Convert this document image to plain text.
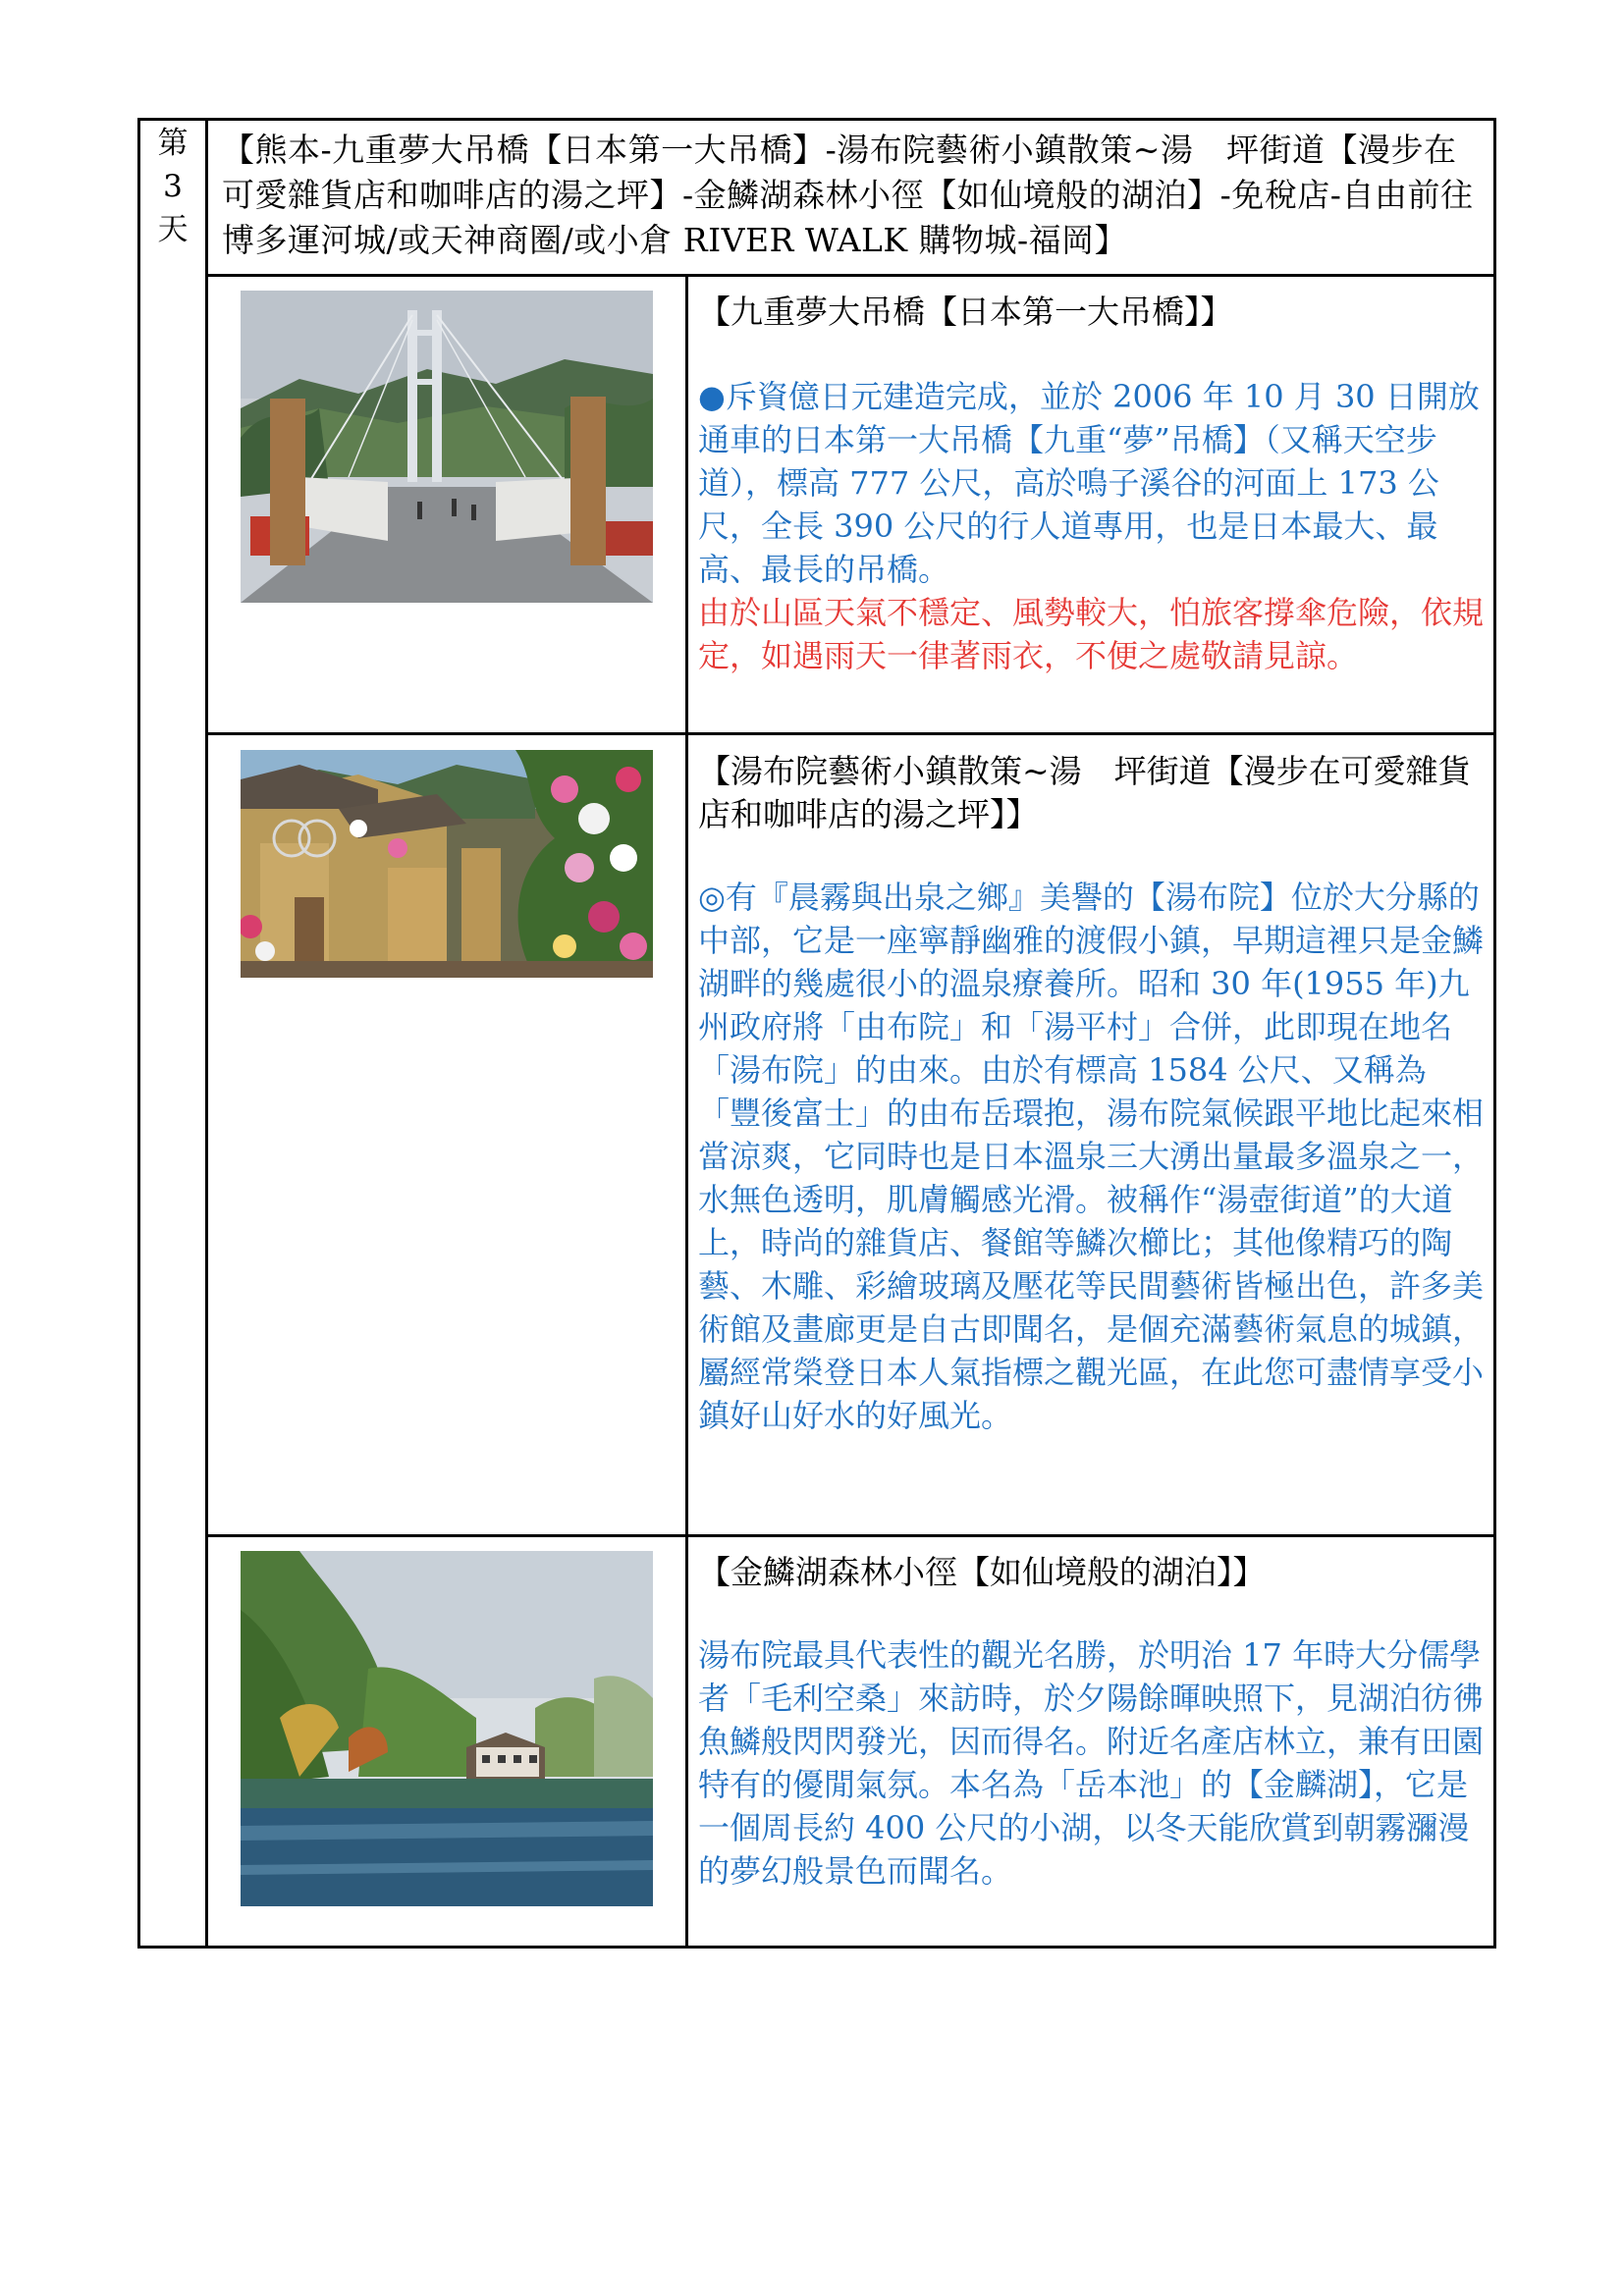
第
3
天
【熊本-九重夢大吊橋【日本第一大吊橋】-湯布院藝術小鎮散策~湯　坪街道【漫步在可愛雜貨店和咖啡店的湯之坪】-金鱗湖森林小徑【如仙境般的湖泊】-免稅店-自由前往博多運河城/或天神商圈/或小倉 RIVER WALK 購物城-福岡】
【九重夢大吊橋【日本第一大吊橋】】
●斥資億日元建造完成，並於 2006 年 10 月 30 日開放通車的日本第一大吊橋【九重“夢”吊橋】（又稱天空步道），標高 777 公尺，高於鳴子溪谷的河面上 173 公尺，全長 390 公尺的行人道專用，也是日本最大、最高、最長的吊橋。
由於山區天氣不穩定、風勢較大，怕旅客撐傘危險，依規定，如遇雨天一律著雨衣，不便之處敬請見諒。
【湯布院藝術小鎮散策~湯　坪街道【漫步在可愛雜貨店和咖啡店的湯之坪】】
◎有『晨霧與出泉之鄉』美譽的【湯布院】位於大分縣的中部，它是一座寧靜幽雅的渡假小鎮，早期這裡只是金鱗湖畔的幾處很小的溫泉療養所。昭和 30 年(1955 年)九州政府將「由布院」和「湯平村」合併，此即現在地名「湯布院」的由來。由於有標高 1584 公尺、又稱為「豐後富士」的由布岳環抱，湯布院氣候跟平地比起來相當涼爽，它同時也是日本溫泉三大湧出量最多溫泉之一，水無色透明，肌膚觸感光滑。被稱作“湯壺街道”的大道上，時尚的雜貨店、餐館等鱗次櫛比；其他像精巧的陶藝、木雕、彩繪玻璃及壓花等民間藝術皆極出色，許多美術館及畫廊更是自古即聞名，是個充滿藝術氣息的城鎮，屬經常榮登日本人氣指標之觀光區，在此您可盡情享受小鎮好山好水的好風光。
【金鱗湖森林小徑【如仙境般的湖泊】】
湯布院最具代表性的觀光名勝，於明治 17 年時大分儒學者「毛利空桑」來訪時，於夕陽餘暉映照下，見湖泊彷彿魚鱗般閃閃發光，因而得名。附近名產店林立，兼有田園特有的優閒氣氛。本名為「岳本池」的【金麟湖】，它是一個周長約 400 公尺的小湖，以冬天能欣賞到朝霧瀰漫的夢幻般景色而聞名。
